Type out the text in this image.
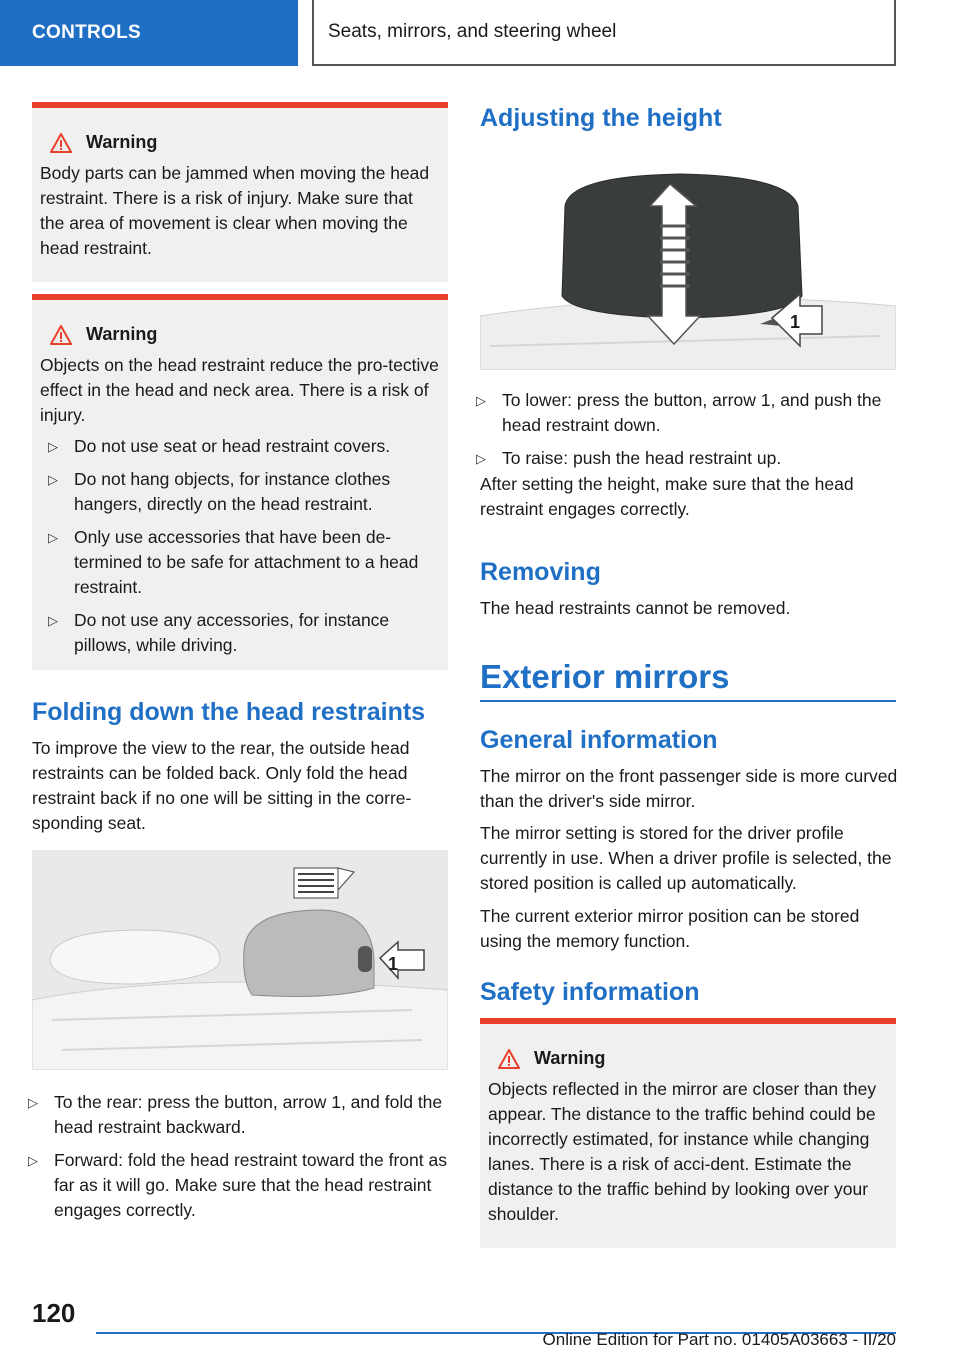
CONTROLS	Seats, mirrors, and steering wheel
Warning

Body parts can be jammed when moving the head restraint. There is a risk of injury. Make sure that the area of movement is clear when moving the head restraint.

Warning

Objects on the head restraint reduce the pro‐tective effect in the head and neck area. There is a risk of injury.

▷ Do not use seat or head restraint covers.
▷ Do not hang objects, for instance clothes hangers, directly on the head restraint.
▷ Only use accessories that have been de‐termined to be safe for attachment to a head restraint.
▷ Do not use any accessories, for instance pillows, while driving.
Folding down the head restraints

To improve the view to the rear, the outside head restraints can be folded back. Only fold the head restraint back if no one will be sitting in the corre‐sponding seat.

1
▷ To the rear: press the button, arrow 1, and fold the head restraint backward.
▷ Forward: fold the head restraint toward the front as far as it will go. Make sure that the head restraint engages correctly.
Adjusting the height
1
▷ To lower: press the button, arrow 1, and push the head restraint down.
▷ To raise: push the head restraint up.

After setting the height, make sure that the head restraint engages correctly.

Removing

The head restraints cannot be removed.

Exterior mirrors
General information

The mirror on the front passenger side is more curved than the driver's side mirror.

The mirror setting is stored for the driver profile currently in use. When a driver profile is selected, the stored position is called up automatically.

The current exterior mirror position can be stored using the memory function.

Safety information
Warning

Objects reflected in the mirror are closer than they appear. The distance to the traffic behind could be incorrectly estimated, for instance while changing lanes. There is a risk of acci‐dent. Estimate the distance to the traffic behind by looking over your shoulder.

120
Online Edition for Part no. 01405A03663 - II/20
